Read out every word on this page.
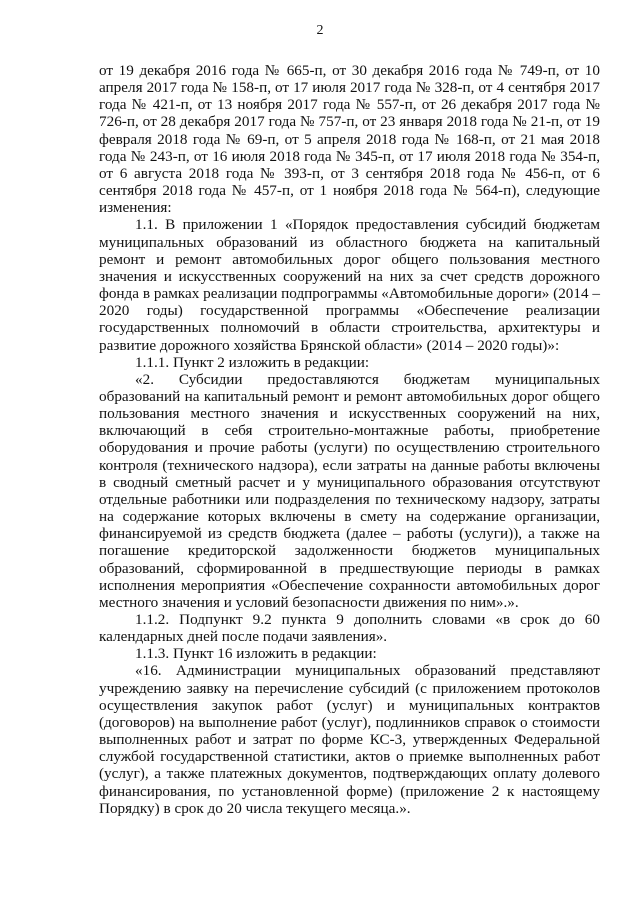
2

от 19 декабря 2016 года № 665-п, от 30 декабря 2016 года № 749-п, от 10 апреля 2017 года № 158-п, от 17 июля 2017 года № 328-п, от 4 сентября 2017 года № 421-п, от 13 ноября 2017 года № 557-п, от 26 декабря 2017 года № 726-п, от 28 декабря 2017 года № 757-п, от 23 января 2018 года № 21-п, от 19 февраля 2018 года № 69-п, от 5 апреля 2018 года № 168-п, от 21 мая 2018 года № 243-п, от 16 июля 2018 года № 345-п, от 17 июля 2018 года № 354-п, от 6 августа 2018 года № 393-п, от 3 сентября 2018 года № 456-п, от 6 сентября 2018 года № 457-п, от 1 ноября 2018 года № 564-п), следующие изменения:

1.1. В приложении 1 «Порядок предоставления субсидий бюджетам муниципальных образований из областного бюджета на капитальный ремонт и ремонт автомобильных дорог общего пользования местного значения и искусственных сооружений на них за счет средств дорожного фонда в рамках реализации подпрограммы «Автомобильные дороги» (2014 – 2020 годы) государственной программы «Обеспечение реализации государственных полномочий в области строительства, архитектуры и развитие дорожного хозяйства Брянской области» (2014 – 2020 годы)»:

1.1.1. Пункт 2 изложить в редакции:

«2. Субсидии предоставляются бюджетам муниципальных образований на капитальный ремонт и ремонт автомобильных дорог общего пользования местного значения и искусственных сооружений на них, включающий в себя строительно-монтажные работы, приобретение оборудования и прочие работы (услуги) по осуществлению строительного контроля (технического надзора), если затраты на данные работы включены в сводный сметный расчет и у муниципального образования отсутствуют отдельные работники или подразделения по техническому надзору, затраты на содержание которых включены в смету на содержание организации, финансируемой из средств бюджета (далее – работы (услуги)), а также на погашение кредиторской задолженности бюджетов муниципальных образований, сформированной в предшествующие периоды в рамках исполнения мероприятия «Обеспечение сохранности автомобильных дорог местного значения и условий безопасности движения по ним».».

1.1.2. Подпункт 9.2 пункта 9 дополнить словами «в срок до 60 календарных дней после подачи заявления».

1.1.3. Пункт 16 изложить в редакции:

«16. Администрации муниципальных образований представляют учреждению заявку на перечисление субсидий (с приложением протоколов осуществления закупок работ (услуг) и муниципальных контрактов (договоров) на выполнение работ (услуг), подлинников справок о стоимости выполненных работ и затрат по форме КС-3, утвержденных Федеральной службой государственной статистики, актов о приемке выполненных работ (услуг), а также платежных документов, подтверждающих оплату долевого финансирования, по установленной форме) (приложение 2 к настоящему Порядку) в срок до 20 числа текущего месяца.».
